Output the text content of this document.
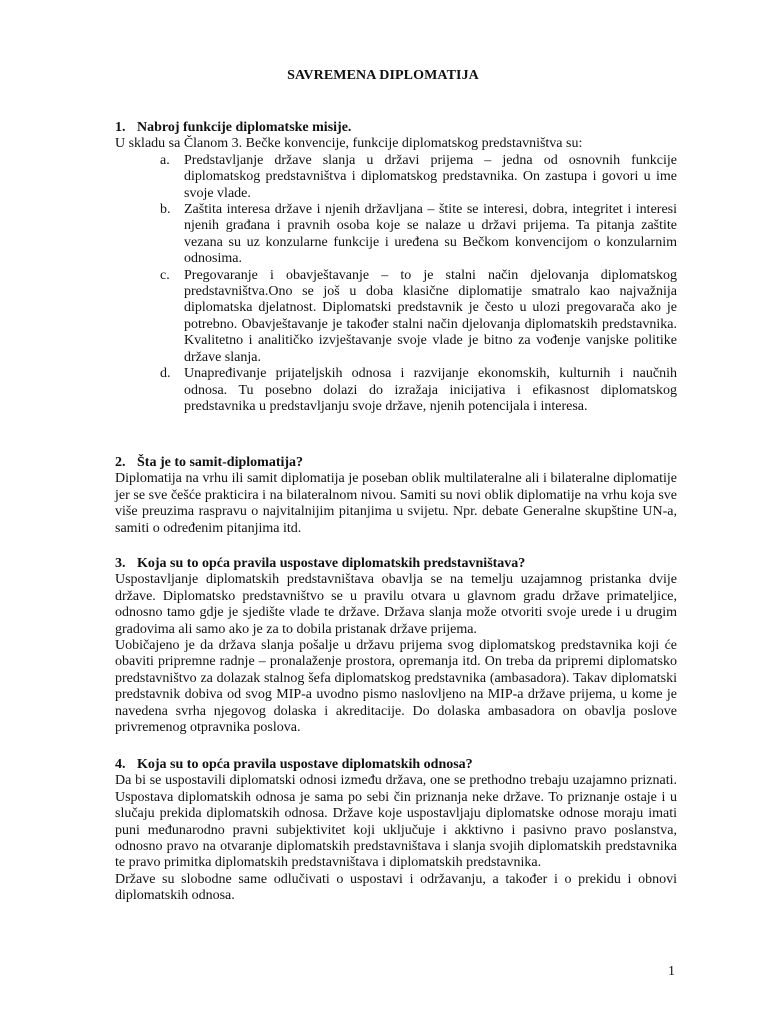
SAVREMENA DIPLOMATIJA

1. Nabroj funkcije diplomatske misije.

U skladu sa Članom 3. Bečke konvencije, funkcije diplomatskog predstavništva su:

a. Predstavljanje države slanja u državi prijema – jedna od osnovnih funkcije diplomatskog predstavništva i diplomatskog predstavnika. On zastupa i govori u ime svoje vlade.
b. Zaštita interesa države i njenih državljana – štite se interesi, dobra, integritet i interesi njenih građana i pravnih osoba koje se nalaze u državi prijema. Ta pitanja zaštite vezana su uz konzularne funkcije i uređena su Bečkom konvencijom o konzularnim odnosima.
c. Pregovaranje i obavještavanje – to je stalni način djelovanja diplomatskog predstavništva.Ono se još u doba klasične diplomatije smatralo kao najvažnija diplomatska djelatnost. Diplomatski predstavnik je često u ulozi pregovarača ako je potrebno. Obavještavanje je također stalni način djelovanja diplomatskih predstavnika. Kvalitetno i analitičko izvještavanje svoje vlade je bitno za vođenje vanjske politike države slanja.
d. Unapređivanje prijateljskih odnosa i razvijanje ekonomskih, kulturnih i naučnih odnosa. Tu posebno dolazi do izražaja inicijativa i efikasnost diplomatskog predstavnika u predstavljanju svoje države, njenih potencijala i interesa.

2. Šta je to samit-diplomatija?

Diplomatija na vrhu ili samit diplomatija je poseban oblik multilateralne ali i bilateralne diplomatije jer se sve češće prakticira i na bilateralnom nivou. Samiti su novi oblik diplomatije na vrhu koja sve više preuzima raspravu o najvitalnijim pitanjima u svijetu. Npr. debate Generalne skupštine UN-a, samiti o određenim pitanjima itd.

3. Koja su to opća pravila uspostave diplomatskih predstavništava?

Uspostavljanje diplomatskih predstavništava obavlja se na temelju uzajamnog pristanka dvije države. Diplomatsko predstavništvo se u pravilu otvara u glavnom gradu države primateljice, odnosno tamo gdje je sjedište vlade te države. Država slanja može otvoriti svoje urede i u drugim gradovima ali samo ako je za to dobila pristanak države prijema.

Uobičajeno je da država slanja pošalje u državu prijema svog diplomatskog predstavnika koji će obaviti pripremne radnje – pronalaženje prostora, opremanja itd. On treba da pripremi diplomatsko predstavništvo za dolazak stalnog šefa diplomatskog predstavnika (ambasadora). Takav diplomatski predstavnik dobiva od svog MIP-a uvodno pismo naslovljeno na MIP-a države prijema, u kome je navedena svrha njegovog dolaska i akreditacije. Do dolaska ambasadora on obavlja poslove privremenog otpravnika poslova.

4. Koja su to opća pravila uspostave diplomatskih odnosa?

Da bi se uspostavili diplomatski odnosi između država, one se prethodno trebaju uzajamno priznati. Uspostava diplomatskih odnosa je sama po sebi čin priznanja neke države. To priznanje ostaje i u slučaju prekida diplomatskih odnosa. Države koje uspostavljaju diplomatske odnose moraju imati puni međunarodno pravni subjektivitet koji uključuje i akktivno i pasivno pravo poslanstva, odnosno pravo na otvaranje diplomatskih predstavništava i slanja svojih diplomatskih predstavnika te pravo primitka diplomatskih predstavništava i diplomatskih predstavnika.

Države su slobodne same odlučivati o uspostavi i održavanju, a također i o prekidu i obnovi diplomatskih odnosa.

1
